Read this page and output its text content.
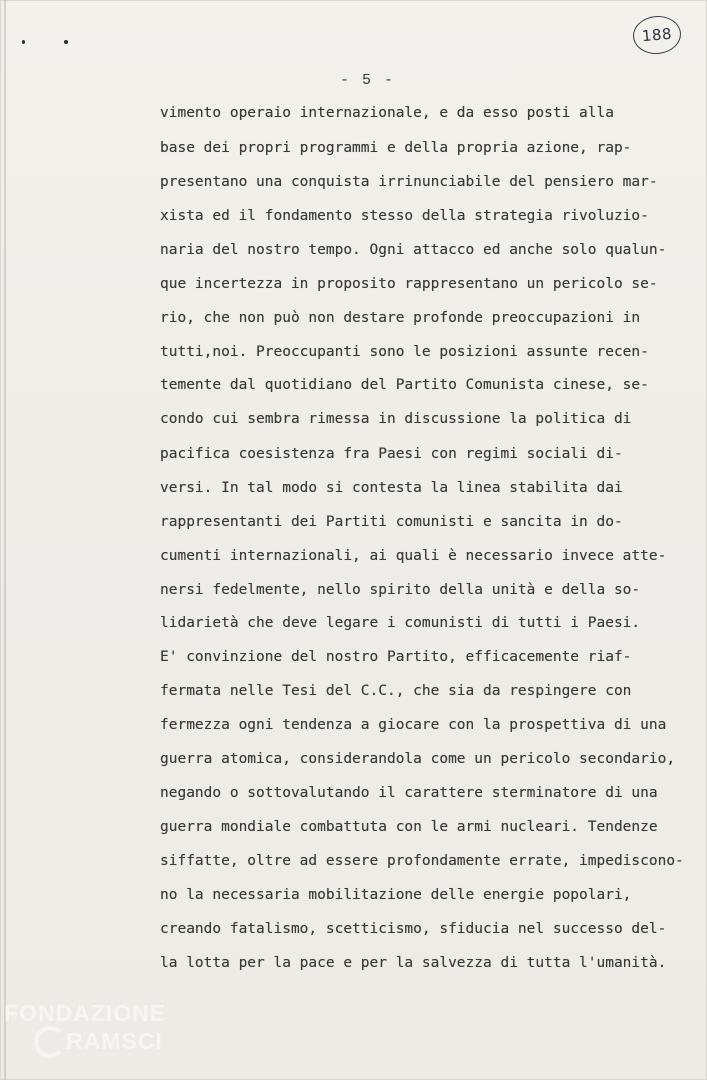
188
- 5 -
vimento operaio internazionale, e da esso posti alla
base dei propri programmi e della propria azione, rap-
presentano una conquista irrinunciabile del pensiero mar-
xista ed il fondamento stesso della strategia rivoluzio-
naria del nostro tempo. Ogni attacco ed anche solo qualun-
que incertezza in proposito rappresentano un pericolo se-
rio, che non può non destare profonde preoccupazioni in
tutti,noi. Preoccupanti sono le posizioni assunte recen-
temente dal quotidiano del Partito Comunista cinese, se-
condo cui sembra rimessa in discussione la politica di
pacifica coesistenza fra Paesi con regimi sociali di-
versi. In tal modo si contesta la linea stabilita dai
rappresentanti dei Partiti comunisti e sancita in do-
cumenti internazionali, ai quali è necessario invece atte-
nersi fedelmente, nello spirito della unità e della so-
lidarietà che deve legare i comunisti di tutti i Paesi.
E' convinzione del nostro Partito, efficacemente riaf-
fermata nelle Tesi del C.C., che sia da respingere con
fermezza ogni tendenza a giocare con la prospettiva di una
guerra atomica, considerandola come un pericolo secondario,
negando o sottovalutando il carattere sterminatore di una
guerra mondiale combattuta con le armi nucleari. Tendenze
siffatte, oltre ad essere profondamente errate, impediscono-
no la necessaria mobilitazione delle energie popolari,
creando fatalismo, scetticismo, sfiducia nel successo del-
la lotta per la pace e per la salvezza di tutta l'umanità.
FONDAZIONE
RAMSCI
